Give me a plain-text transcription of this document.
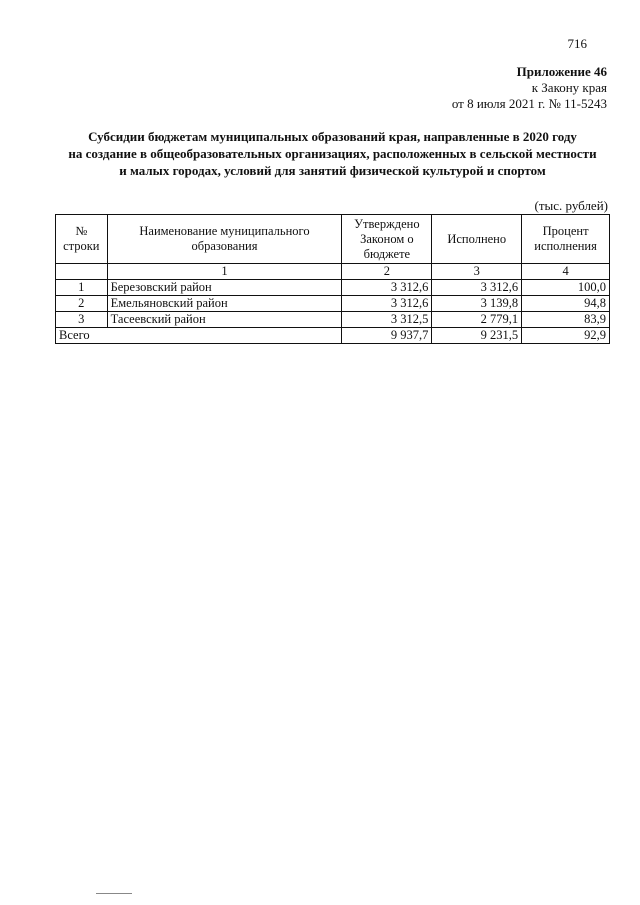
716
Приложение 46
к Закону края
от 8 июля 2021 г. № 11-5243
Субсидии бюджетам муниципальных образований края, направленные в 2020 году
на создание в общеобразовательных организациях, расположенных в сельской местности
и малых городах, условий для занятий физической культурой и спортом
(тыс. рублей)
№ строки	Наименование муниципального образования	Утверждено Законом о бюджете	Исполнено	Процент исполнения
	1	2	3	4
1	Березовский район	3 312,6	3 312,6	100,0
2	Емельяновский район	3 312,6	3 139,8	94,8
3	Тасеевский район	3 312,5	2 779,1	83,9
Всего		9 937,7	9 231,5	92,9
